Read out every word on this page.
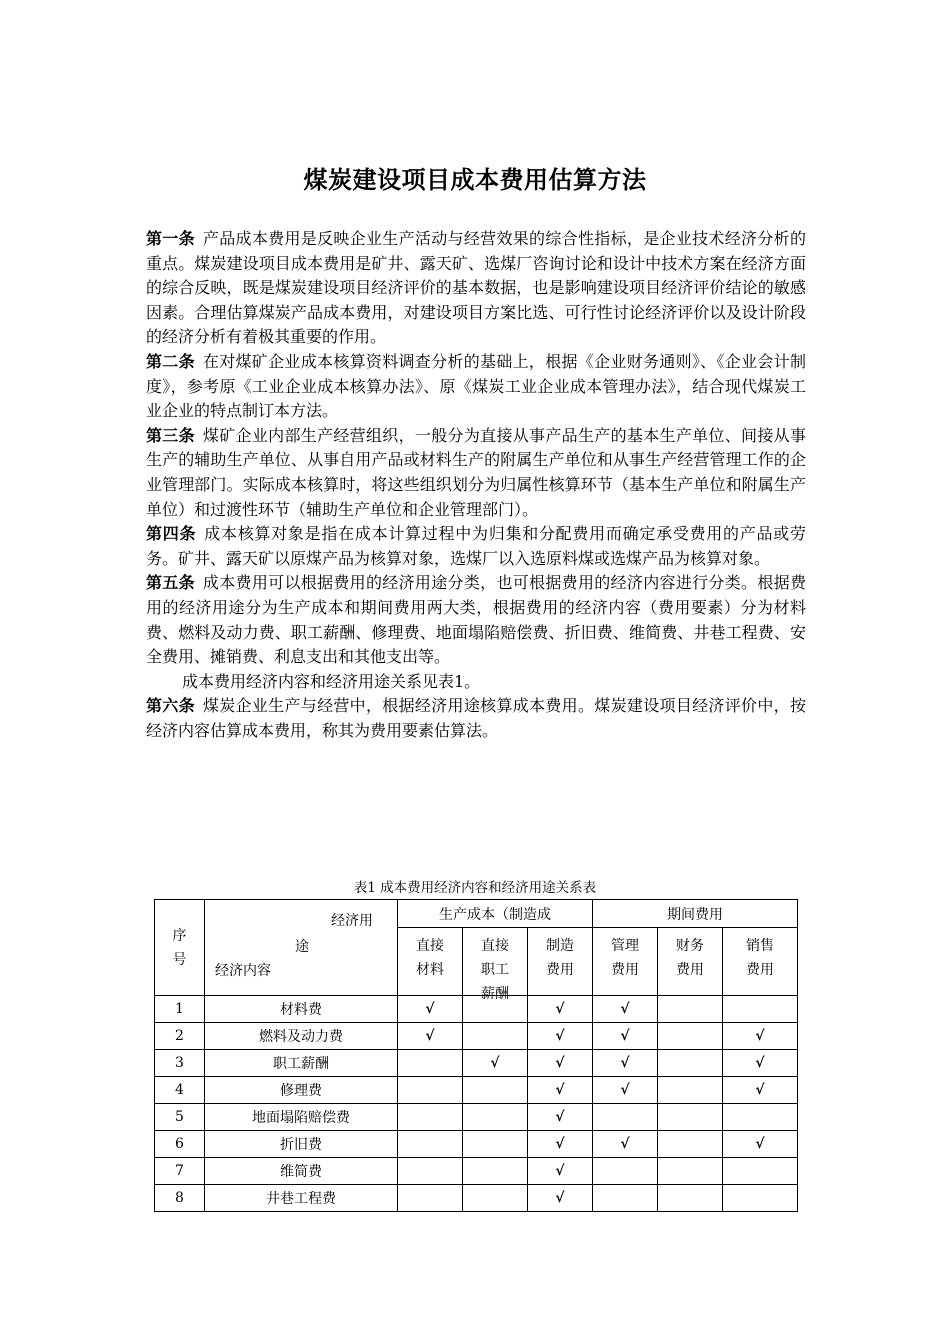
煤炭建设项目成本费用估算方法

第一条 产品成本费用是反映企业生产活动与经营效果的综合性指标，是企业技术经济分析的重点。煤炭建设项目成本费用是矿井、露天矿、选煤厂咨询讨论和设计中技术方案在经济方面的综合反映，既是煤炭建设项目经济评价的基本数据，也是影响建设项目经济评价结论的敏感因素。合理估算煤炭产品成本费用，对建设项目方案比选、可行性讨论经济评价以及设计阶段的经济分析有着极其重要的作用。

第二条 在对煤矿企业成本核算资料调查分析的基础上，根据《企业财务通则》、《企业会计制度》，参考原《工业企业成本核算办法》、原《煤炭工业企业成本管理办法》，结合现代煤炭工业企业的特点制订本方法。

第三条 煤矿企业内部生产经营组织，一般分为直接从事产品生产的基本生产单位、间接从事生产的辅助生产单位、从事自用产品或材料生产的附属生产单位和从事生产经营管理工作的企业管理部门。实际成本核算时，将这些组织划分为归属性核算环节（基本生产单位和附属生产单位）和过渡性环节（辅助生产单位和企业管理部门）。

第四条 成本核算对象是指在成本计算过程中为归集和分配费用而确定承受费用的产品或劳务。矿井、露天矿以原煤产品为核算对象，选煤厂以入选原料煤或选煤产品为核算对象。

第五条 成本费用可以根据费用的经济用途分类，也可根据费用的经济内容进行分类。根据费用的经济用途分为生产成本和期间费用两大类，根据费用的经济内容（费用要素）分为材料费、燃料及动力费、职工薪酬、修理费、地面塌陷赔偿费、折旧费、维简费、井巷工程费、安全费用、摊销费、利息支出和其他支出等。

成本费用经济内容和经济用途关系见表1。

第六条 煤炭企业生产与经营中，根据经济用途核算成本费用。煤炭建设项目经济评价中，按经济内容估算成本费用，称其为费用要素估算法。

表1 成本费用经济内容和经济用途关系表
序号	经济用
途
经济内容	生产成本（制造成			期间费用		

		直接材料	直接职工薪酬	制造费用	管理费用	财务费用	销售费用

1	材料费	√		√	√		
2	燃料及动力费	√		√	√		√
3	职工薪酬		√	√	√		√
4	修理费			√	√		√
5	地面塌陷赔偿费			√			
6	折旧费			√	√		√
7	维简费			√			
8	井巷工程费			√			
